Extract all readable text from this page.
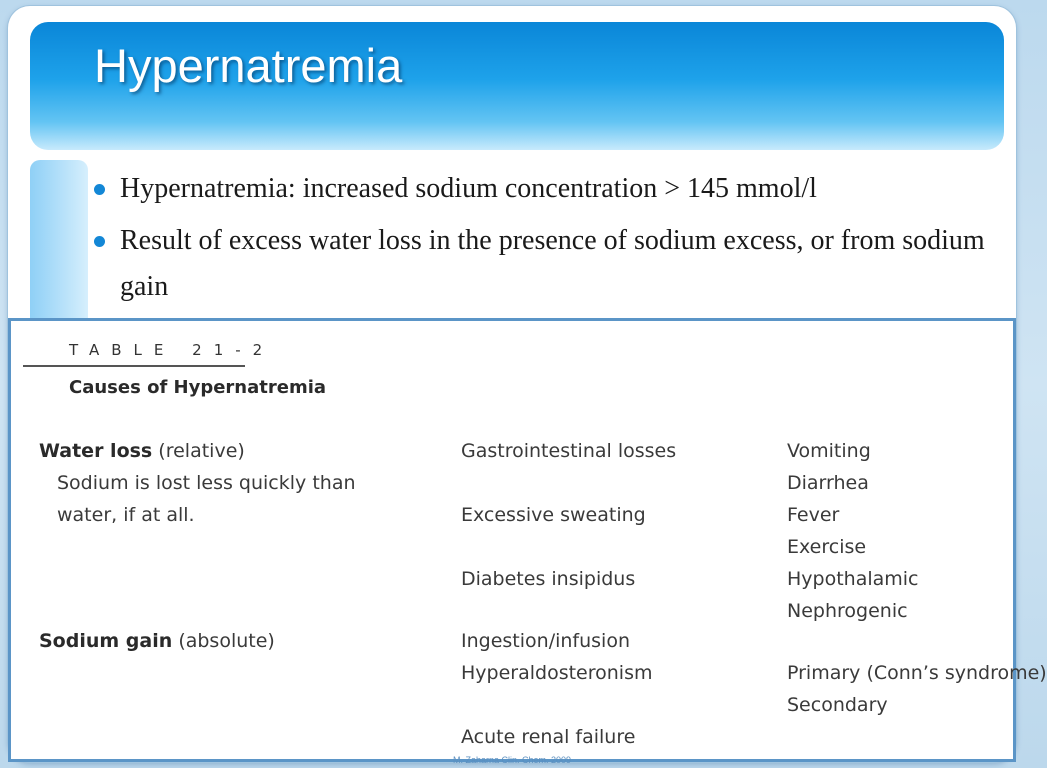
Hypernatremia
Hypernatremia: increased sodium concentration > 145 mmol/l
Result of excess water loss in the presence of sodium excess, or from sodium gain

TABLE 21-2

Causes of Hypernatremia

Water loss (relative)
Sodium is lost less quickly than
water, if at all.
Sodium gain (absolute)
Gastrointestinal losses
Excessive sweating
Diabetes insipidus
Ingestion/infusion
Hyperaldosteronism
Acute renal failure
Vomiting
Diarrhea
Fever
Exercise
Hypothalamic
Nephrogenic
Primary (Conn’s syndrome)
Secondary
M. Zaharna Clin. Chem. 2009
